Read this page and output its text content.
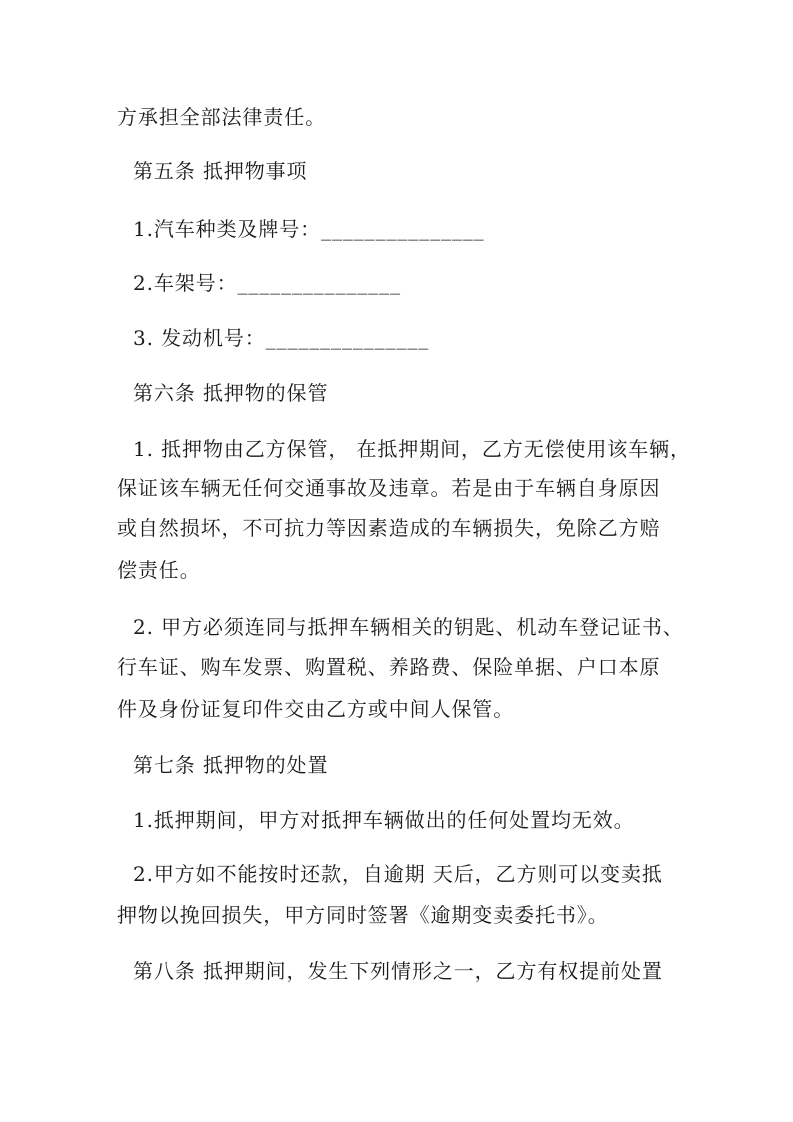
方承担全部法律责任。
第五条 抵押物事项
1.汽车种类及牌号：_______________
2.车架号：_______________
3. 发动机号：_______________
第六条 抵押物的保管
1. 抵押物由乙方保管， 在抵押期间，乙方无偿使用该车辆，
保证该车辆无任何交通事故及违章。若是由于车辆自身原因
或自然损坏，不可抗力等因素造成的车辆损失，免除乙方赔
偿责任。
2. 甲方必须连同与抵押车辆相关的钥匙、机动车登记证书、
行车证、购车发票、购置税、养路费、保险单据、户口本原
件及身份证复印件交由乙方或中间人保管。
第七条 抵押物的处置
1.抵押期间，甲方对抵押车辆做出的任何处置均无效。
2.甲方如不能按时还款，自逾期 天后，乙方则可以变卖抵
押物以挽回损失，甲方同时签署《逾期变卖委托书》。
第八条 抵押期间，发生下列情形之一，乙方有权提前处置
